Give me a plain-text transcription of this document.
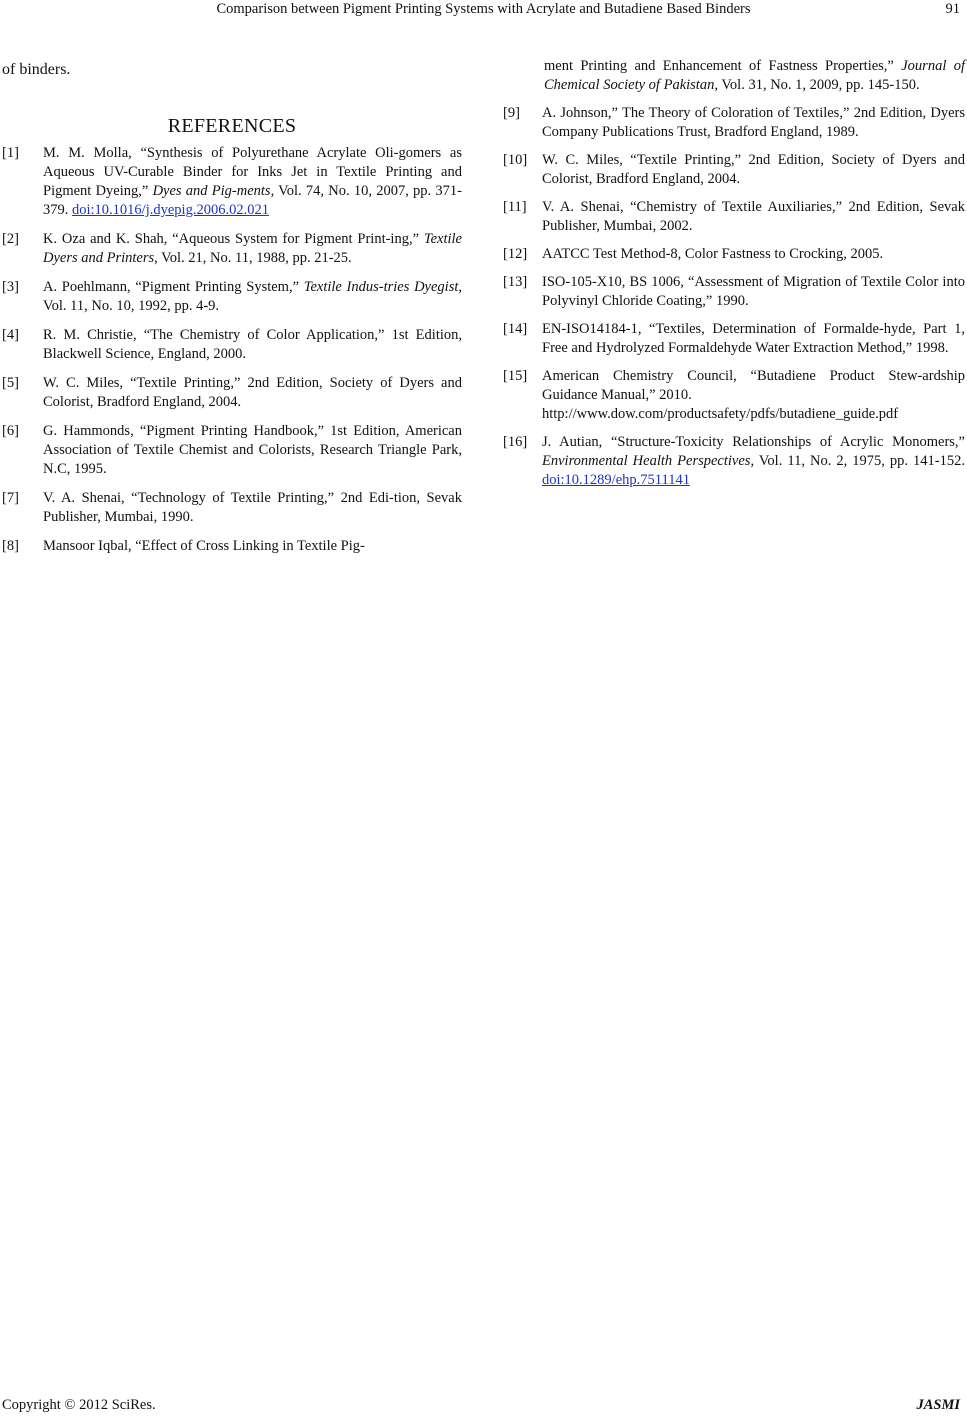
Comparison between Pigment Printing Systems with Acrylate and Butadiene Based Binders	91
of binders.
REFERENCES
[1] M. M. Molla, “Synthesis of Polyurethane Acrylate Oli-gomers as Aqueous UV-Curable Binder for Inks Jet in Textile Printing and Pigment Dyeing,” Dyes and Pig-ments, Vol. 74, No. 10, 2007, pp. 371-379. doi:10.1016/j.dyepig.2006.02.021
[2] K. Oza and K. Shah, “Aqueous System for Pigment Print-ing,” Textile Dyers and Printers, Vol. 21, No. 11, 1988, pp. 21-25.
[3] A. Poehlmann, “Pigment Printing System,” Textile Indus-tries Dyegist, Vol. 11, No. 10, 1992, pp. 4-9.
[4] R. M. Christie, “The Chemistry of Color Application,” 1st Edition, Blackwell Science, England, 2000.
[5] W. C. Miles, “Textile Printing,” 2nd Edition, Society of Dyers and Colorist, Bradford England, 2004.
[6] G. Hammonds, “Pigment Printing Handbook,” 1st Edition, American Association of Textile Chemist and Colorists, Research Triangle Park, N.C, 1995.
[7] V. A. Shenai, “Technology of Textile Printing,” 2nd Edi-tion, Sevak Publisher, Mumbai, 1990.
[8] Mansoor Iqbal, “Effect of Cross Linking in Textile Pig-
ment Printing and Enhancement of Fastness Properties,” Journal of Chemical Society of Pakistan, Vol. 31, No. 1, 2009, pp. 145-150.
[9] A. Johnson,” The Theory of Coloration of Textiles,” 2nd Edition, Dyers Company Publications Trust, Bradford England, 1989.
[10] W. C. Miles, “Textile Printing,” 2nd Edition, Society of Dyers and Colorist, Bradford England, 2004.
[11] V. A. Shenai, “Chemistry of Textile Auxiliaries,” 2nd Edition, Sevak Publisher, Mumbai, 2002.
[12] AATCC Test Method-8, Color Fastness to Crocking, 2005.
[13] ISO-105-X10, BS 1006, “Assessment of Migration of Textile Color into Polyvinyl Chloride Coating,” 1990.
[14] EN-ISO14184-1, “Textiles, Determination of Formalde-hyde, Part 1, Free and Hydrolyzed Formaldehyde Water Extraction Method,” 1998.
[15] American Chemistry Council, “Butadiene Product Stew-ardship Guidance Manual,” 2010.
http://www.dow.com/productsafety/pdfs/butadiene_guide.pdf
[16] J. Autian, “Structure-Toxicity Relationships of Acrylic Monomers,” Environmental Health Perspectives, Vol. 11, No. 2, 1975, pp. 141-152. doi:10.1289/ehp.7511141
Copyright © 2012 SciRes.	JASMI
